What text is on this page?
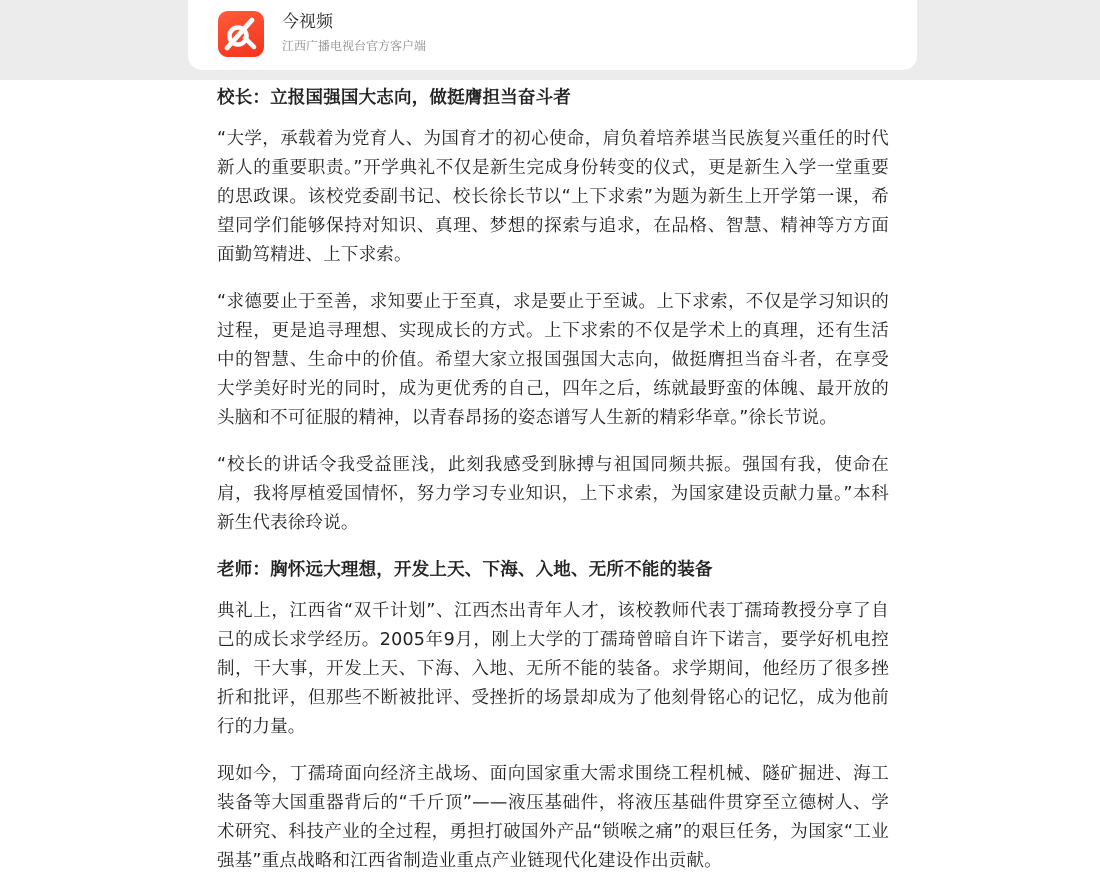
今视频
江西广播电视台官方客户端

校长：立报国强国大志向，做挺膺担当奋斗者

“大学，承载着为党育人、为国育才的初心使命，肩负着培养堪当民族复兴重任的时代新人的重要职责。”开学典礼不仅是新生完成身份转变的仪式，更是新生入学一堂重要的思政课。该校党委副书记、校长徐长节以“上下求索”为题为新生上开学第一课，希望同学们能够保持对知识、真理、梦想的探索与追求，在品格、智慧、精神等方方面面勤笃精进、上下求索。

“求德要止于至善，求知要止于至真，求是要止于至诚。上下求索，不仅是学习知识的过程，更是追寻理想、实现成长的方式。上下求索的不仅是学术上的真理，还有生活中的智慧、生命中的价值。希望大家立报国强国大志向，做挺膺担当奋斗者，在享受大学美好时光的同时，成为更优秀的自己，四年之后，练就最野蛮的体魄、最开放的头脑和不可征服的精神，以青春昂扬的姿态谱写人生新的精彩华章。”徐长节说。

“校长的讲话令我受益匪浅，此刻我感受到脉搏与祖国同频共振。强国有我，使命在肩，我将厚植爱国情怀，努力学习专业知识，上下求索，为国家建设贡献力量。”本科新生代表徐玲说。

老师：胸怀远大理想，开发上天、下海、入地、无所不能的装备

典礼上，江西省“双千计划”、江西杰出青年人才，该校教师代表丁孺琦教授分享了自己的成长求学经历。2005年9月，刚上大学的丁孺琦曾暗自许下诺言，要学好机电控制，干大事，开发上天、下海、入地、无所不能的装备。求学期间，他经历了很多挫折和批评，但那些不断被批评、受挫折的场景却成为了他刻骨铭心的记忆，成为他前行的力量。

现如今，丁孺琦面向经济主战场、面向国家重大需求围绕工程机械、隧矿掘进、海工装备等大国重器背后的“千斤顶”——液压基础件，将液压基础件贯穿至立德树人、学术研究、科技产业的全过程，勇担打破国外产品“锁喉之痛”的艰巨任务，为国家“工业强基”重点战略和江西省制造业重点产业链现代化建设作出贡献。
